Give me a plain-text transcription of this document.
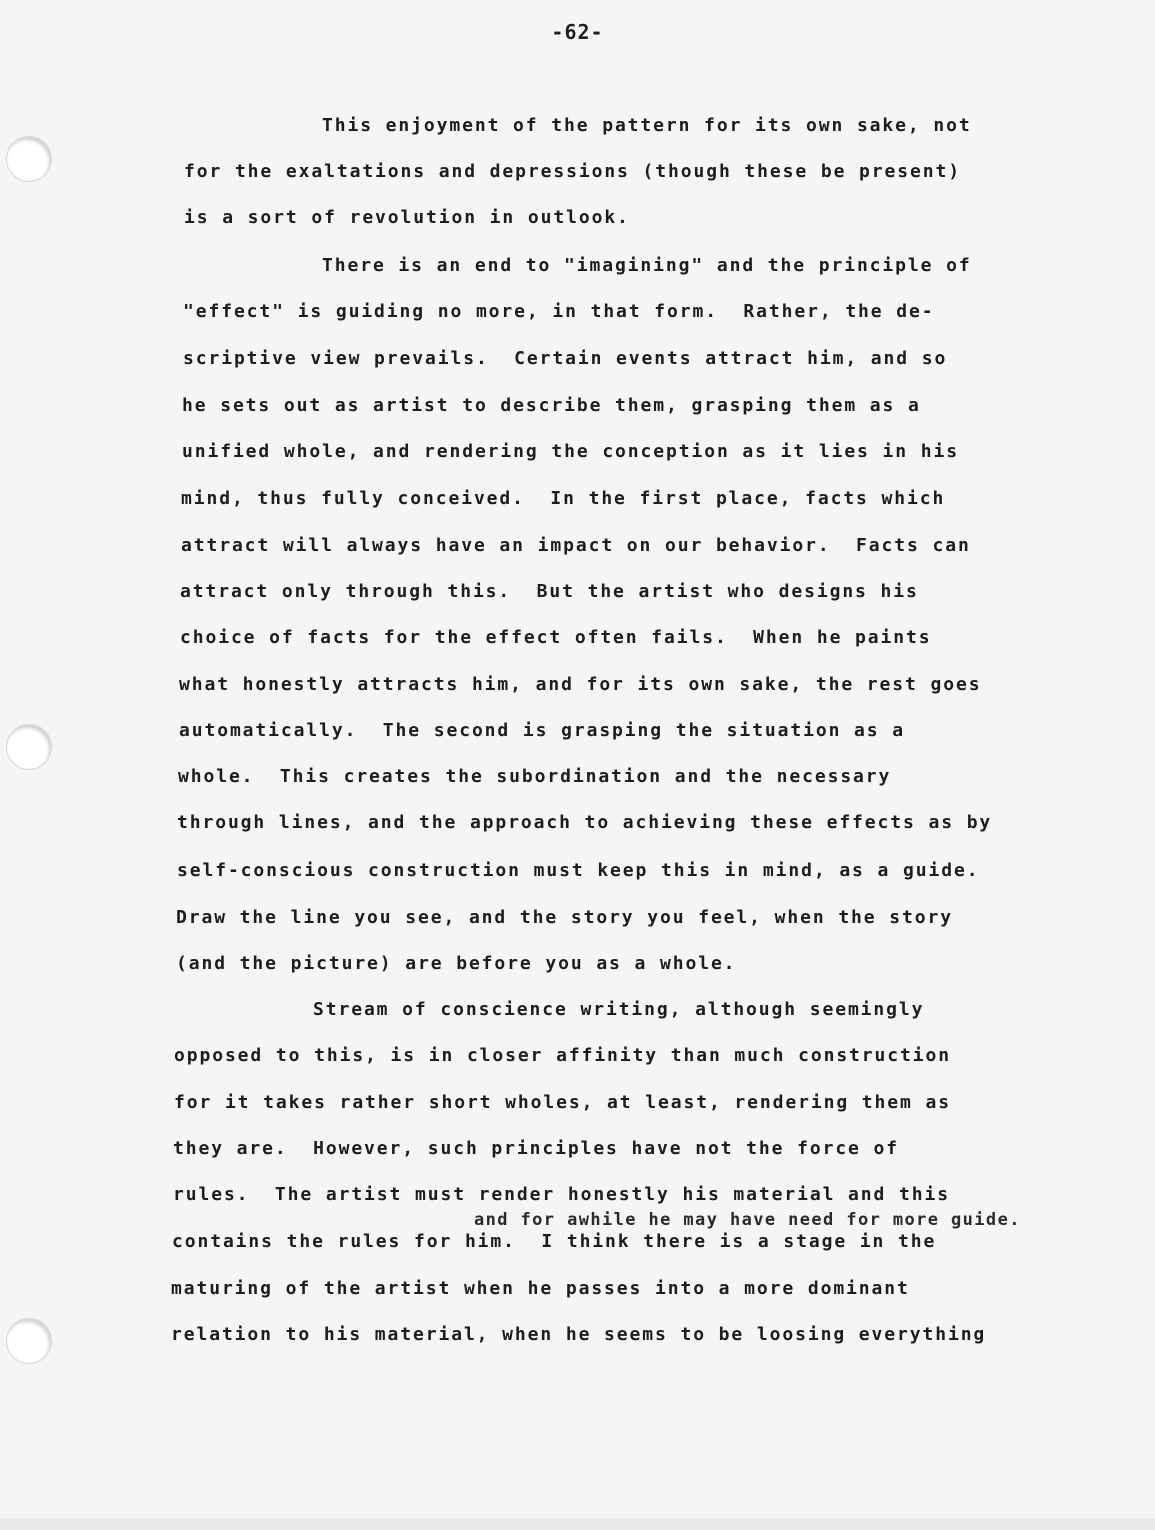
-62-
This enjoyment of the pattern for its own sake, not
for the exaltations and depressions (though these be present)
is a sort of revolution in outlook.
There is an end to "imagining" and the principle of
"effect" is guiding no more, in that form.  Rather, the de-
scriptive view prevails.  Certain events attract him, and so
he sets out as artist to describe them, grasping them as a
unified whole, and rendering the conception as it lies in his
mind, thus fully conceived.  In the first place, facts which
attract will always have an impact on our behavior.  Facts can
attract only through this.  But the artist who designs his
choice of facts for the effect often fails.  When he paints
what honestly attracts him, and for its own sake, the rest goes
automatically.  The second is grasping the situation as a
whole.  This creates the subordination and the necessary
through lines, and the approach to achieving these effects as by
self-conscious construction must keep this in mind, as a guide.
Draw the line you see, and the story you feel, when the story
(and the picture) are before you as a whole.
Stream of conscience writing, although seemingly
opposed to this, is in closer affinity than much construction
for it takes rather short wholes, at least, rendering them as
they are.  However, such principles have not the force of
rules.  The artist must render honestly his material and this
and for awhile he may have need for more guide.
contains the rules for him.  I think there is a stage in the
maturing of the artist when he passes into a more dominant
relation to his material, when he seems to be loosing everything
